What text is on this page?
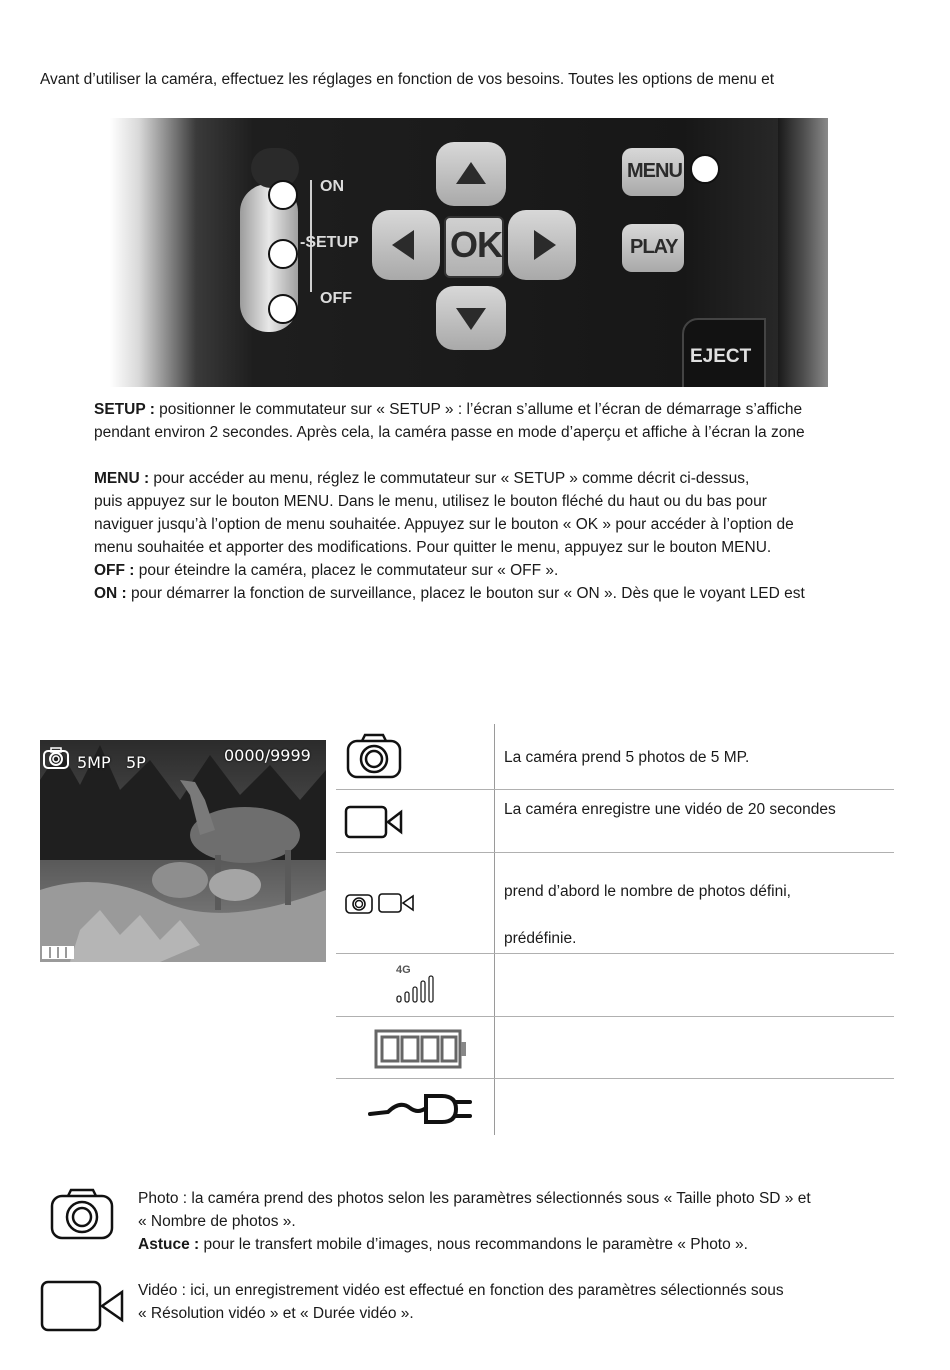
Avant d’utiliser la caméra, effectuez les réglages en fonction de vos besoins. Toutes les options de menu et
ON
-SETUP
OFF
OK
MENU
PLAY
EJECT
SETUP : positionner le commutateur sur « SETUP » : l’écran s’allume et l’écran de démarrage s’affiche
pendant environ 2 secondes. Après cela, la caméra passe en mode d’aperçu et affiche à l’écran la zone
MENU : pour accéder au menu, réglez le commutateur sur « SETUP » comme décrit ci-dessus,
puis appuyez sur le bouton MENU. Dans le menu, utilisez le bouton fléché du haut ou du bas pour
naviguer jusqu’à l’option de menu souhaitée. Appuyez sur le bouton « OK » pour accéder à l’option de
menu souhaitée et apporter des modifications. Pour quitter le menu, appuyez sur le bouton MENU.
OFF : pour éteindre la caméra, placez le commutateur sur « OFF ».
ON : pour démarrer la fonction de surveillance, placez le bouton sur « ON ». Dès que le voyant LED est
5MP 5P	0000/9999	La caméra prend 5 photos de 5 MP.
La caméra enregistre une vidéo de 20 secondes
prend d’abord le nombre de photos défini,
prédéfinie.
4G
Photo : la caméra prend des photos selon les paramètres sélectionnés sous « Taille photo SD » et
« Nombre de photos ».
Astuce : pour le transfert mobile d’images, nous recommandons le paramètre « Photo ».
Vidéo : ici, un enregistrement vidéo est effectué en fonction des paramètres sélectionnés sous
« Résolution vidéo » et « Durée vidéo ».
